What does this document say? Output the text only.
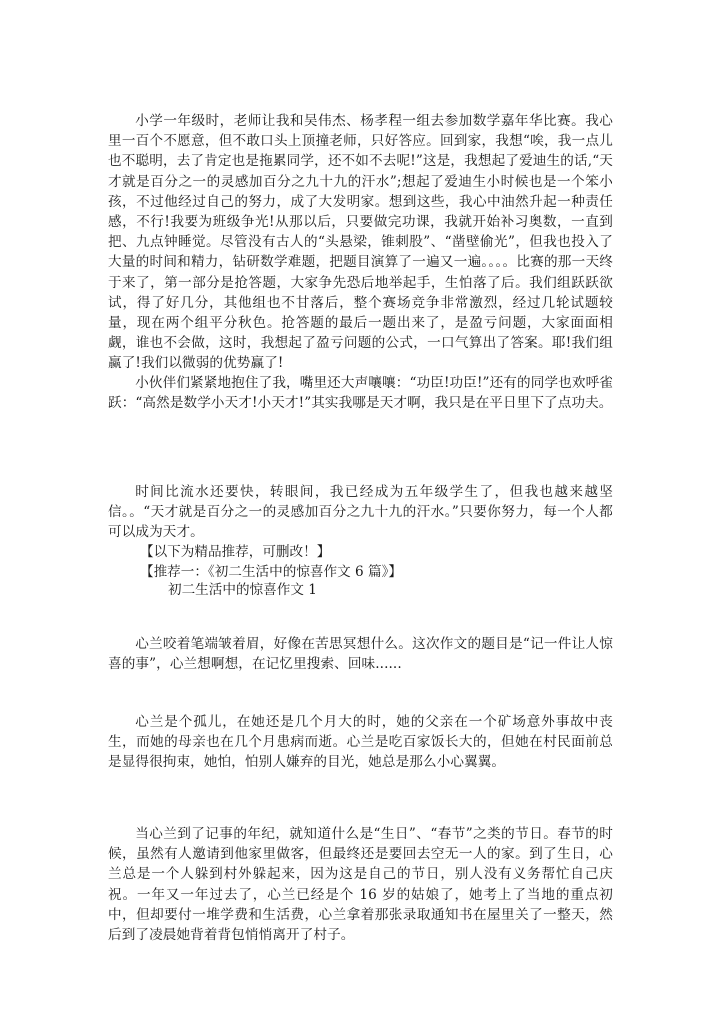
小学一年级时，老师让我和吴伟杰、杨孝程一组去参加数学嘉年华比赛。我心里一百个不愿意，但不敢口头上顶撞老师，只好答应。回到家，我想“唉，我一点儿也不聪明，去了肯定也是拖累同学，还不如不去呢!”这是，我想起了爱迪生的话,“天才就是百分之一的灵感加百分之九十九的汗水”;想起了爱迪生小时候也是一个笨小孩，不过他经过自己的努力，成了大发明家。想到这些，我心中油然升起一种责任感，不行!我要为班级争光!从那以后，只要做完功课，我就开始补习奥数，一直到把、九点钟睡觉。尽管没有古人的“头悬梁，锥刺股”、“凿壁偷光”，但我也投入了大量的时间和精力，钻研数学难题，把题目演算了一遍又一遍。。。。比赛的那一天终于来了，第一部分是抢答题，大家争先恐后地举起手，生怕落了后。我们组跃跃欲试，得了好几分，其他组也不甘落后，整个赛场竞争非常激烈，经过几轮试题较量，现在两个组平分秋色。抢答题的最后一题出来了，是盈亏问题，大家面面相觑，谁也不会做，这时，我想起了盈亏问题的公式，一口气算出了答案。耶!我们组赢了!我们以微弱的优势赢了!

小伙伴们紧紧地抱住了我，嘴里还大声嚷嚷：“功臣!功臣!”还有的同学也欢呼雀跃：“高然是数学小天才!小天才!”其实我哪是天才啊，我只是在平日里下了点功夫。

时间比流水还要快，转眼间，我已经成为五年级学生了，但我也越来越坚信。。“天才就是百分之一的灵感加百分之九十九的汗水。”只要你努力，每一个人都可以成为天才。

【以下为精品推荐，可删改！】
【推荐一：《初二生活中的惊喜作文 6 篇》】
初二生活中的惊喜作文 1

心兰咬着笔端皱着眉，好像在苦思冥想什么。这次作文的题目是“记一件让人惊喜的事”，心兰想啊想，在记忆里搜索、回味......

心兰是个孤儿，在她还是几个月大的时，她的父亲在一个矿场意外事故中丧生，而她的母亲也在几个月患病而逝。心兰是吃百家饭长大的，但她在村民面前总是显得很拘束，她怕，怕别人嫌弃的目光，她总是那么小心翼翼。

当心兰到了记事的年纪，就知道什么是“生日”、“春节”之类的节日。春节的时候，虽然有人邀请到他家里做客，但最终还是要回去空无一人的家。到了生日，心兰总是一个人躲到村外躲起来，因为这是自己的节日，别人没有义务帮忙自己庆祝。一年又一年过去了，心兰已经是个 16 岁的姑娘了，她考上了当地的重点初中，但却要付一堆学费和生活费，心兰拿着那张录取通知书在屋里关了一整天，然后到了凌晨她背着背包悄悄离开了村子。
